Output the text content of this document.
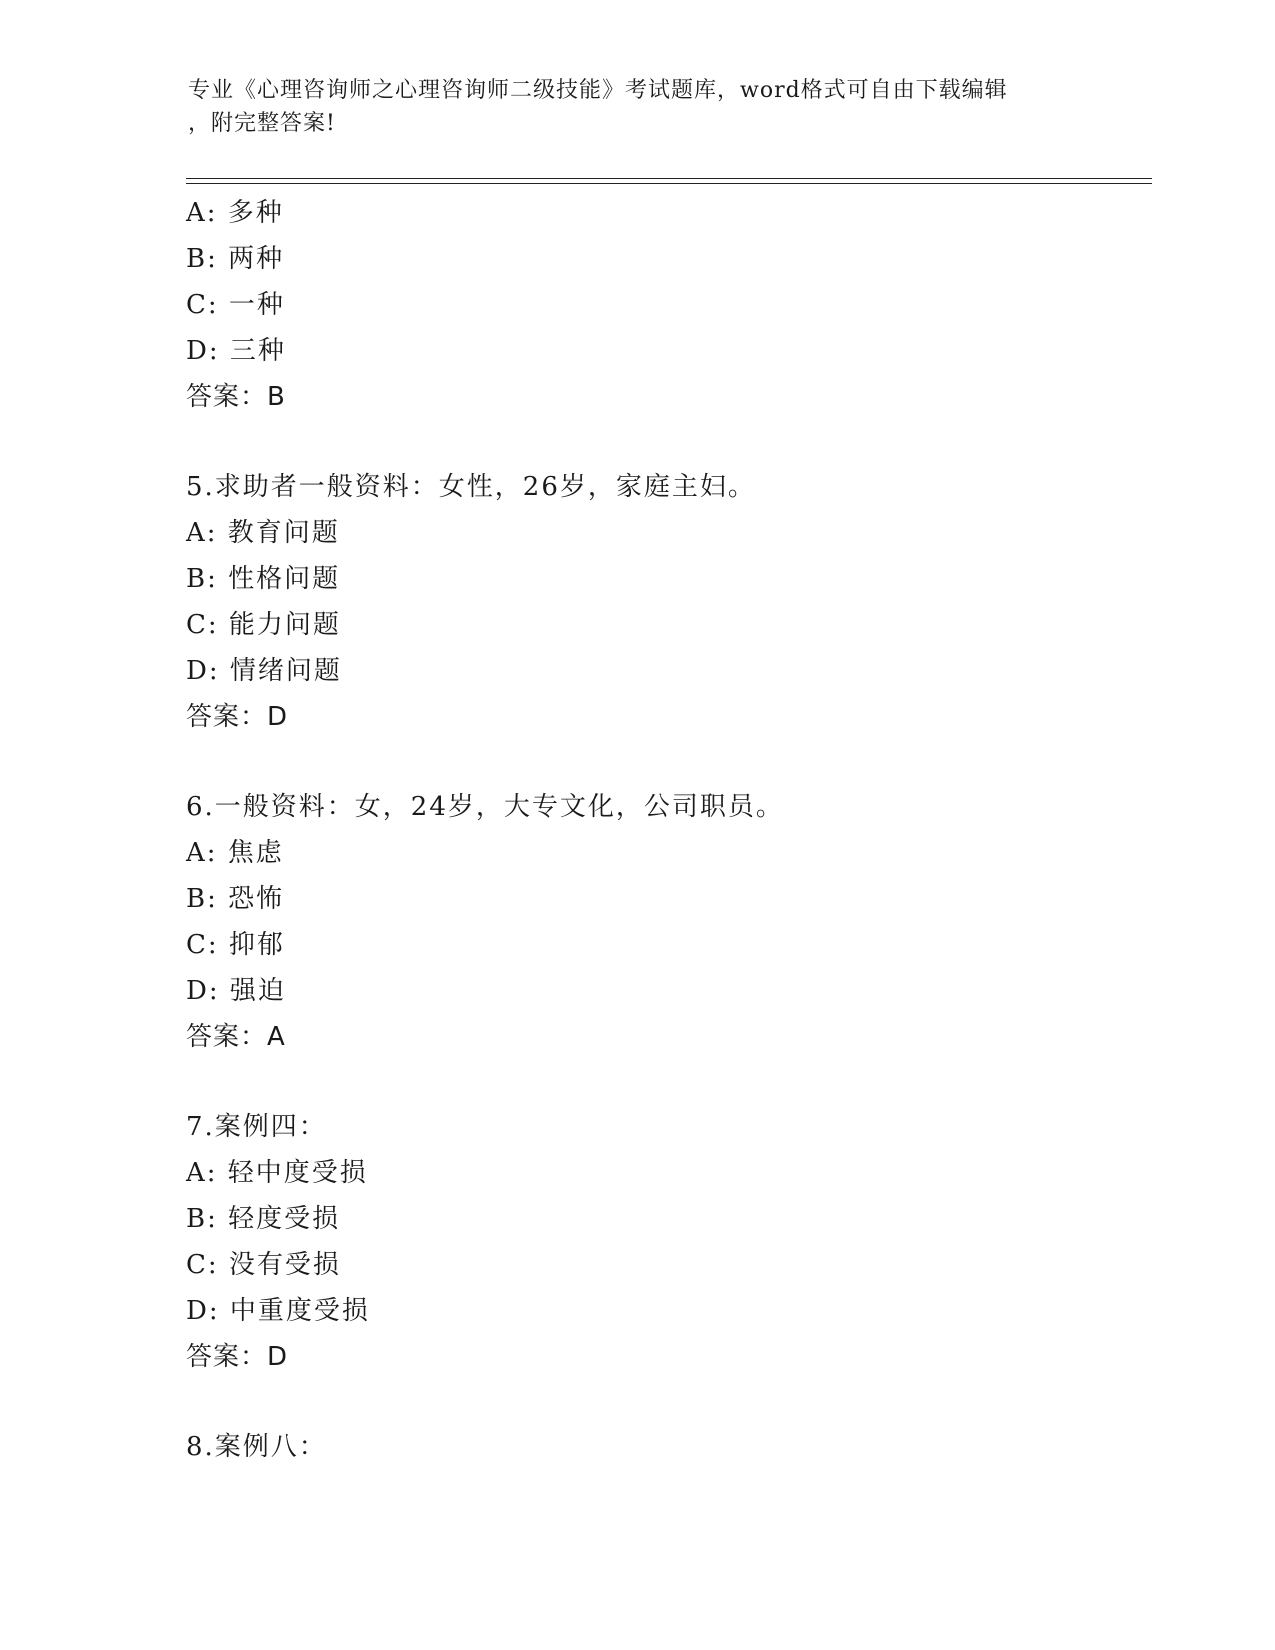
专业《心理咨询师之心理咨询师二级技能》考试题库，word格式可自由下载编辑
，附完整答案!
A: 多种
B: 两种
C: 一种
D: 三种
答案：B
5.求助者一般资料：女性，26岁，家庭主妇。
A: 教育问题
B: 性格问题
C: 能力问题
D: 情绪问题
答案：D
6.一般资料：女，24岁，大专文化，公司职员。
A: 焦虑
B: 恐怖
C: 抑郁
D: 强迫
答案：A
7.案例四：
A: 轻中度受损
B: 轻度受损
C: 没有受损
D: 中重度受损
答案：D
8.案例八：
